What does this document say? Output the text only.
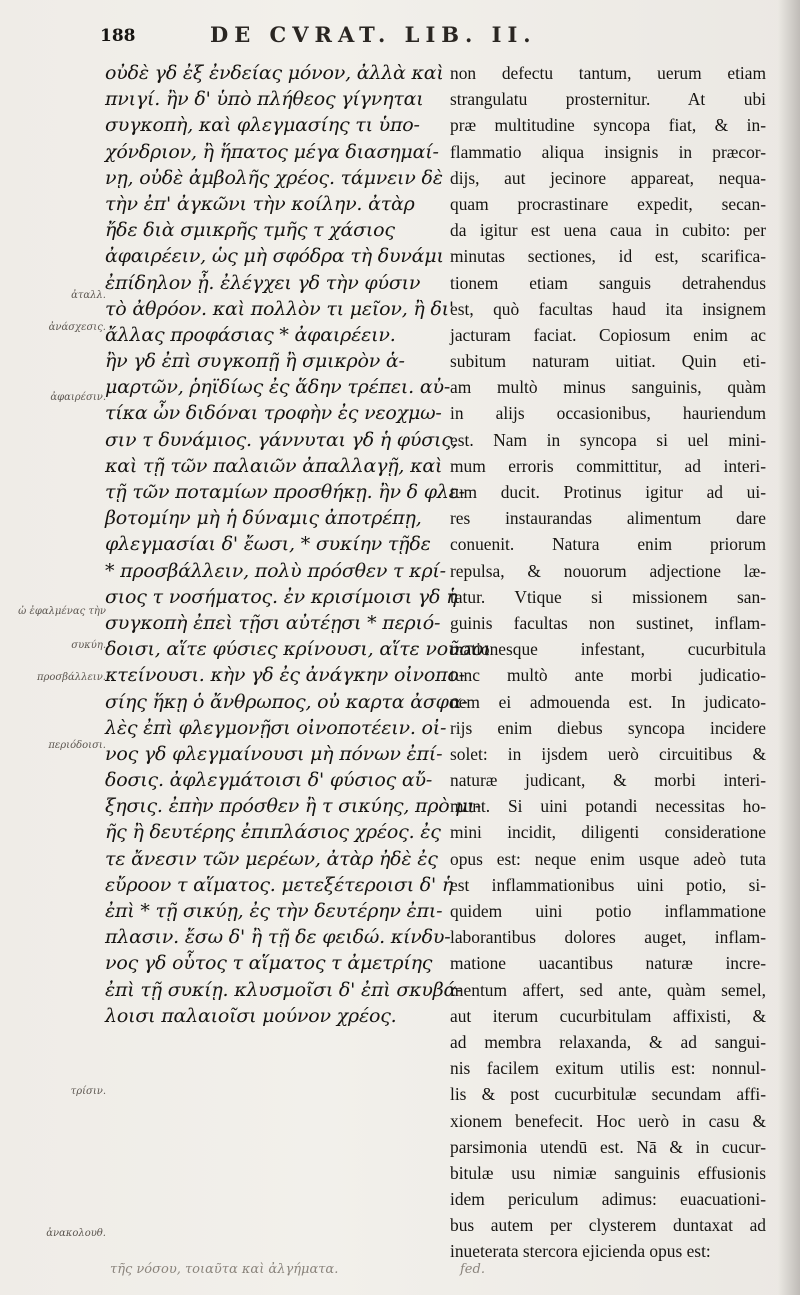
188	DE CVRAT. LIB. II.
ἀταλλ.
ἀνάσχεσις.
ἀφαιρέσιν.
ὠ ἐφαλμένας τὴν
συκύη.
προσβάλλειν.
περιόδοισι.
τρίσιν.
ἀνακολουθ.
οὐδὲ γδ ἐξ ἐνδείας μόνον, ἀλλὰ καὶ
πνιγί. ἢν δ' ὑπὸ πλήθεος γίγνηται
συγκοπὴ, καὶ φλεγμασίης τι ὑπο-
χόνδριον, ἢ ἥπατος μέγα διασημαί-
νῃ, οὐδὲ ἀμβολῆς χρέος. τάμνειν δὲ
τὴν ἐπ' ἀγκῶνι τὴν κοίλην. ἀτὰρ
ἤδε διὰ σμικρῆς τμῆς τ χάσιος
ἀφαιρέειν, ὡς μὴ σφόδρα τὴ δυνάμι
ἐπίδηλον ᾖ. ἐλέγχει γδ τὴν φύσιν
τὸ ἀθρόον. καὶ πολλὸν τι μεῖον, ἢ δι'
ἄλλας προφάσιας * ἀφαιρέειν.
ἢν γδ ἐπὶ συγκοπῇ ἢ σμικρὸν ἁ-
μαρτῶν, ῥηϊδίως ἐς ἅδην τρέπει. αὐ-
τίκα ὦν διδόναι τροφὴν ἐς νεοχμω-
σιν τ δυνάμιος. γάννυται γδ ἡ φύσις,
καὶ τῇ τῶν παλαιῶν ἀπαλλαγῇ, καὶ
τῇ τῶν ποταμίων προσθήκῃ. ἢν δ φλε-
βοτομίην μὴ ἡ δύναμις ἀποτρέπῃ,
φλεγμασίαι δ' ἔωσι, * συκίην τῇδε
* προσβάλλειν, πολὺ πρόσθεν τ κρί-
σιος τ νοσήματος. ἐν κρισίμοισι γδ ἡ
συγκοπὴ ἐπεὶ τῇσι αὐτέῃσι * περιό-
δοισι, αἵτε φύσιες κρίνουσι, αἵτε νοῦσοι
κτείνουσι. κὴν γδ ἐς ἀνάγκην οἰνοπο-
σίης ἥκῃ ὁ ἄνθρωπος, οὐ καρτα ἀσφα-
λὲς ἐπὶ φλεγμονῇσι οἰνοποτέειν. οἰ-
νος γδ φλεγμαίνουσι μὴ πόνων ἐπί-
δοσις. ἀφλεγμάτοισι δ' φύσιος αὔ-
ξησις. ἐπὴν πρόσθεν ἢ τ σικύης, πρὸ μι-
ῆς ἢ δευτέρης ἐπιπλάσιος χρέος. ἐς
τε ἄνεσιν τῶν μερέων, ἀτὰρ ἠδὲ ἐς
εὔροον τ αἵματος. μετεξέτεροισι δ' ἡ
ἐπὶ * τῇ σικύῃ, ἐς τὴν δευτέρην ἐπι-
πλασιν. ἔσω δ' ἢ τῇ δε φειδώ. κίνδυ-
νος γδ οὗτος τ αἵματος τ ἀμετρίης
ἐπὶ τῇ συκίῃ. κλυσμοῖσι δ' ἐπὶ σκυβά-
λοισι παλαιοῖσι μούνον χρέος.
non defectu tantum, uerum etiam
strangulatu prosternitur. At ubi
præ multitudine syncopa fiat, & in-
flammatio aliqua insignis in præcor-
dijs, aut jecinore appareat, nequa-
quam procrastinare expedit, secan-
da igitur est uena caua in cubito: per
minutas sectiones, id est, scarifica-
tionem etiam sanguis detrahendus
est, quò facultas haud ita insignem
jacturam faciat. Copiosum enim ac
subitum naturam uitiat. Quin eti-
am multò minus sanguinis, quàm
in alijs occasionibus, hauriendum
est. Nam in syncopa si uel mini-
mum erroris committitur, ad interi-
tum ducit. Protinus igitur ad ui-
res instaurandas alimentum dare
conuenit. Natura enim priorum
repulsa, & nouorum adjectione læ-
tatur. Vtique si missionem san-
guinis facultas non sustinet, inflam-
mationesque infestant, cucurbitula
tunc multò ante morbi judicatio-
nem ei admouenda est. In judicato-
rijs enim diebus syncopa incidere
solet: in ijsdem uerò circuitibus &
naturæ judicant, & morbi interi-
munt. Si uini potandi necessitas ho-
mini incidit, diligenti consideratione
opus est: neque enim usque adeò tuta
est inflammationibus uini potio, si-
quidem uini potio inflammatione
laborantibus dolores auget, inflam-
matione uacantibus naturæ incre-
mentum affert, sed ante, quàm semel,
aut iterum cucurbitulam affixisti, &
ad membra relaxanda, & ad sangui-
nis facilem exitum utilis est: nonnul-
lis & post cucurbitulæ secundam affi-
xionem benefecit. Hoc uerò in casu &
parsimonia utendū est. Nā & in cucur-
bitulæ usu nimiæ sanguinis effusionis
idem periculum adimus: euacuationi-
bus autem per clysterem duntaxat ad
inueterata stercora ejicienda opus est:
τῆς νόσου, τοιαῦτα καὶ ἀλγήματα.	fed.
